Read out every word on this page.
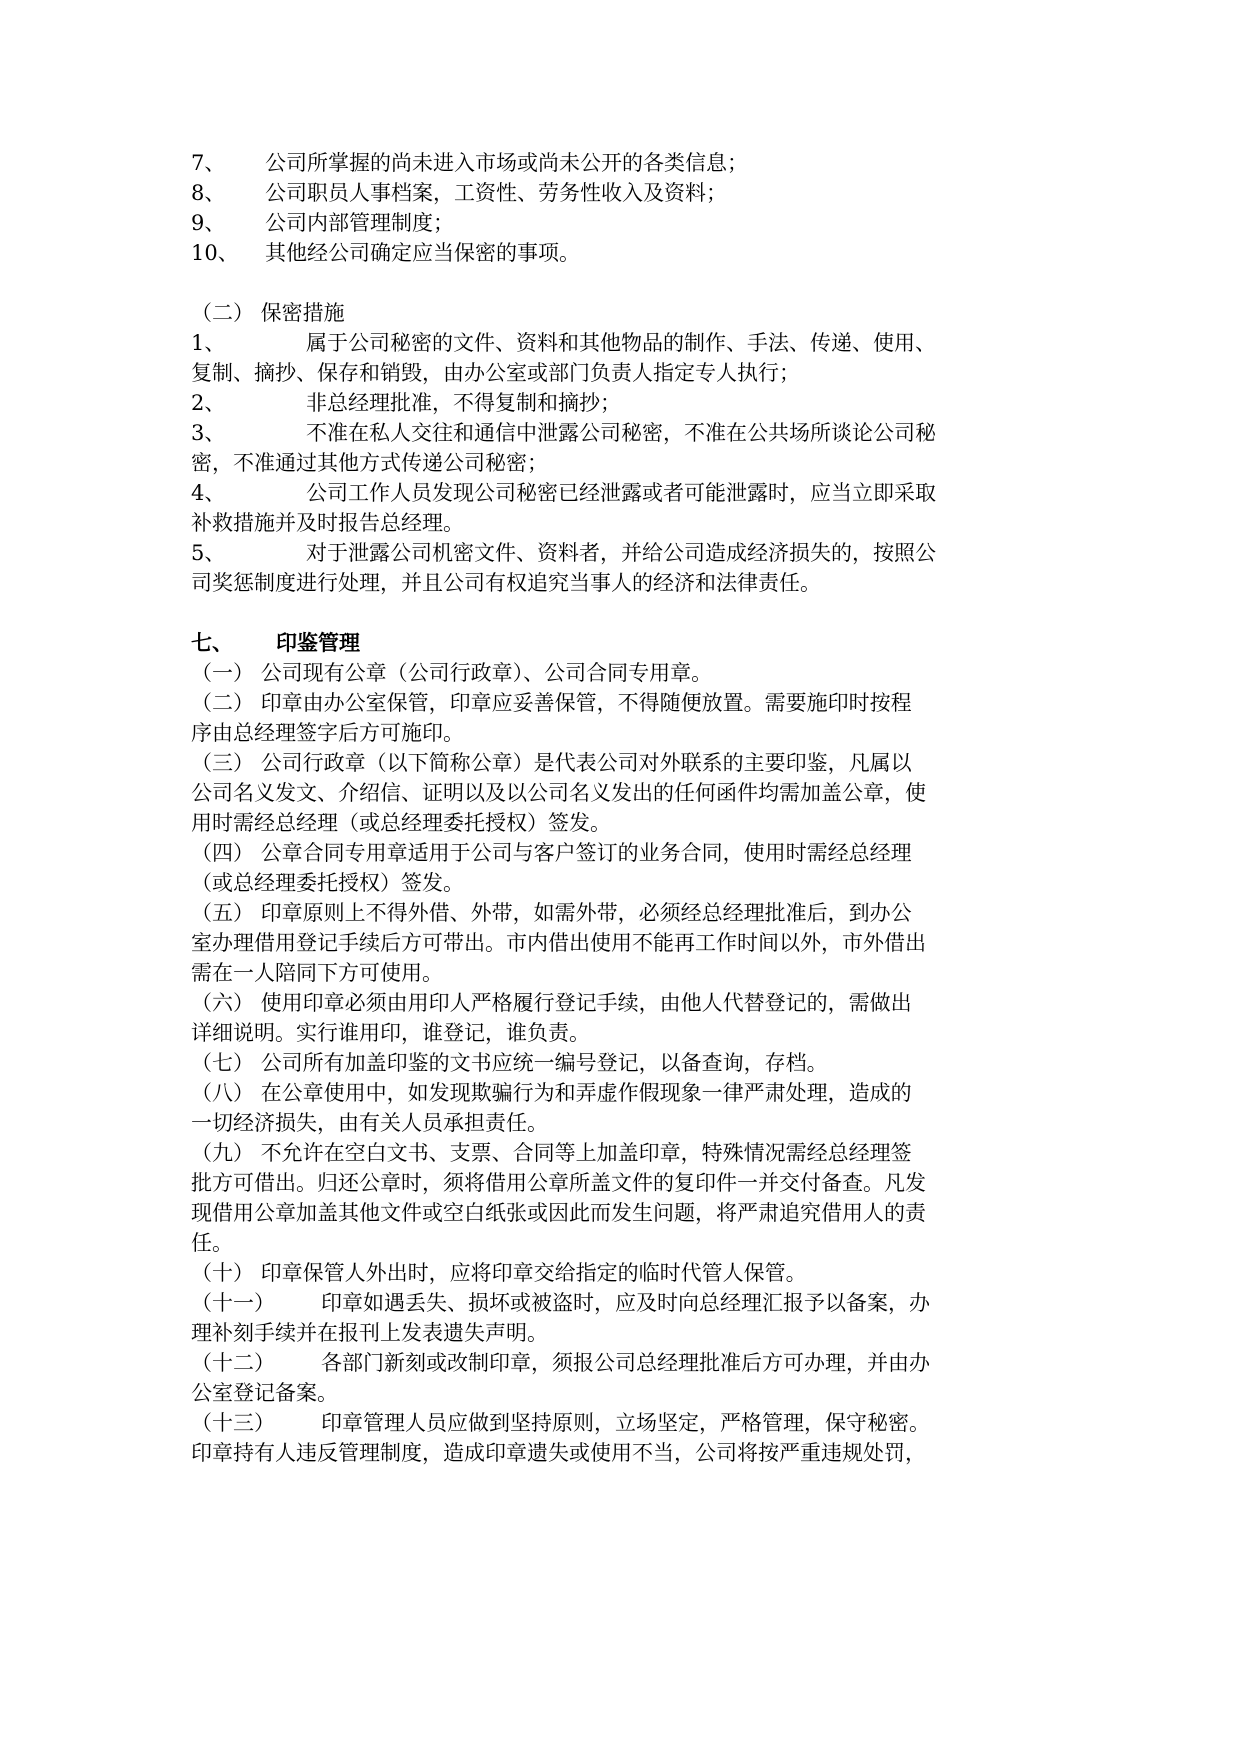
7、 公司所掌握的尚未进入市场或尚未公开的各类信息；
8、 公司职员人事档案，工资性、劳务性收入及资料；
9、 公司内部管理制度；
10、 其他经公司确定应当保密的事项。
（二） 保密措施
1、	属于公司秘密的文件、资料和其他物品的制作、手法、传递、使用、
复制、摘抄、保存和销毁，由办公室或部门负责人指定专人执行；
2、	非总经理批准，不得复制和摘抄；
3、	不准在私人交往和通信中泄露公司秘密，不准在公共场所谈论公司秘
密，不准通过其他方式传递公司秘密；
4、	公司工作人员发现公司秘密已经泄露或者可能泄露时，应当立即采取
补救措施并及时报告总经理。
5、	对于泄露公司机密文件、资料者，并给公司造成经济损失的，按照公
司奖惩制度进行处理，并且公司有权追究当事人的经济和法律责任。
七、 印鉴管理
（一） 公司现有公章（公司行政章）、公司合同专用章。
（二） 印章由办公室保管，印章应妥善保管，不得随便放置。需要施印时按程
序由总经理签字后方可施印。
（三） 公司行政章（以下简称公章）是代表公司对外联系的主要印鉴，凡属以
公司名义发文、介绍信、证明以及以公司名义发出的任何函件均需加盖公章，使
用时需经总经理（或总经理委托授权）签发。
（四） 公章合同专用章适用于公司与客户签订的业务合同，使用时需经总经理
（或总经理委托授权）签发。
（五） 印章原则上不得外借、外带，如需外带，必须经总经理批准后，到办公
室办理借用登记手续后方可带出。市内借出使用不能再工作时间以外，市外借出
需在一人陪同下方可使用。
（六） 使用印章必须由用印人严格履行登记手续，由他人代替登记的，需做出
详细说明。实行谁用印，谁登记，谁负责。
（七） 公司所有加盖印鉴的文书应统一编号登记，以备查询，存档。
（八） 在公章使用中，如发现欺骗行为和弄虚作假现象一律严肃处理，造成的
一切经济损失，由有关人员承担责任。
（九） 不允许在空白文书、支票、合同等上加盖印章，特殊情况需经总经理签
批方可借出。归还公章时，须将借用公章所盖文件的复印件一并交付备查。凡发
现借用公章加盖其他文件或空白纸张或因此而发生问题，将严肃追究借用人的责
任。
（十） 印章保管人外出时，应将印章交给指定的临时代管人保管。
（十一） 印章如遇丢失、损坏或被盗时，应及时向总经理汇报予以备案，办
理补刻手续并在报刊上发表遗失声明。
（十二） 各部门新刻或改制印章，须报公司总经理批准后方可办理，并由办
公室登记备案。
（十三） 印章管理人员应做到坚持原则，立场坚定，严格管理，保守秘密。
印章持有人违反管理制度，造成印章遗失或使用不当，公司将按严重违规处罚，
